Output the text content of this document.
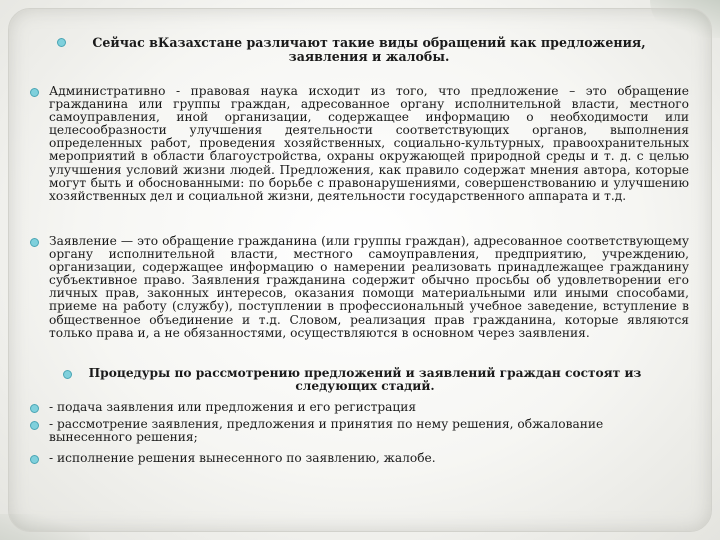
Сейчас вКазахстане различают такие виды обращений как предложения, заявления и жалобы.

Административно - правовая наука исходит из того, что предложение – это обращение гражданина или группы граждан, адресованное органу исполнительной власти, местного самоуправления, иной организации, содержащее информацию о необходимости или целесообразности улучшения деятельности соответствующих органов, выполнения определенных работ, проведения хозяйственных, социально-культурных, правоохранительных мероприятий в области благоустройства, охраны окружающей природной среды и т. д. с целью улучшения условий жизни людей. Предложения, как правило содержат мнения автора, которые могут быть и обоснованными: по борьбе с правонарушениями, совершенствованию и улучшению хозяйственных дел и социальной жизни, деятельности государственного аппарата и т.д.

Заявление — это обращение гражданина (или группы граждан), адресованное соответствующему органу исполнительной власти, местного самоуправления, предприятию, учреждению, организации, содержащее информацию о намерении реализовать принадлежащее гражданину субъективное право. Заявления гражданина содержит обычно просьбы об удовлетворении его личных прав, законных интересов, оказания помощи материальными или иными способами, приеме на работу (службу), поступлении в профессиональный учебное заведение, вступление в общественное объединение и т.д. Словом, реализация прав гражданина, которые являются только права и, а не обязанностями, осуществляются в основном через заявления.

Процедуры по рассмотрению предложений и заявлений граждан состоят из следующих стадий.

- подача заявления или предложения и его регистрация

- рассмотрение заявления, предложения и принятия по нему решения, обжалование вынесенного решения;

- исполнение решения вынесенного по заявлению, жалобе.
